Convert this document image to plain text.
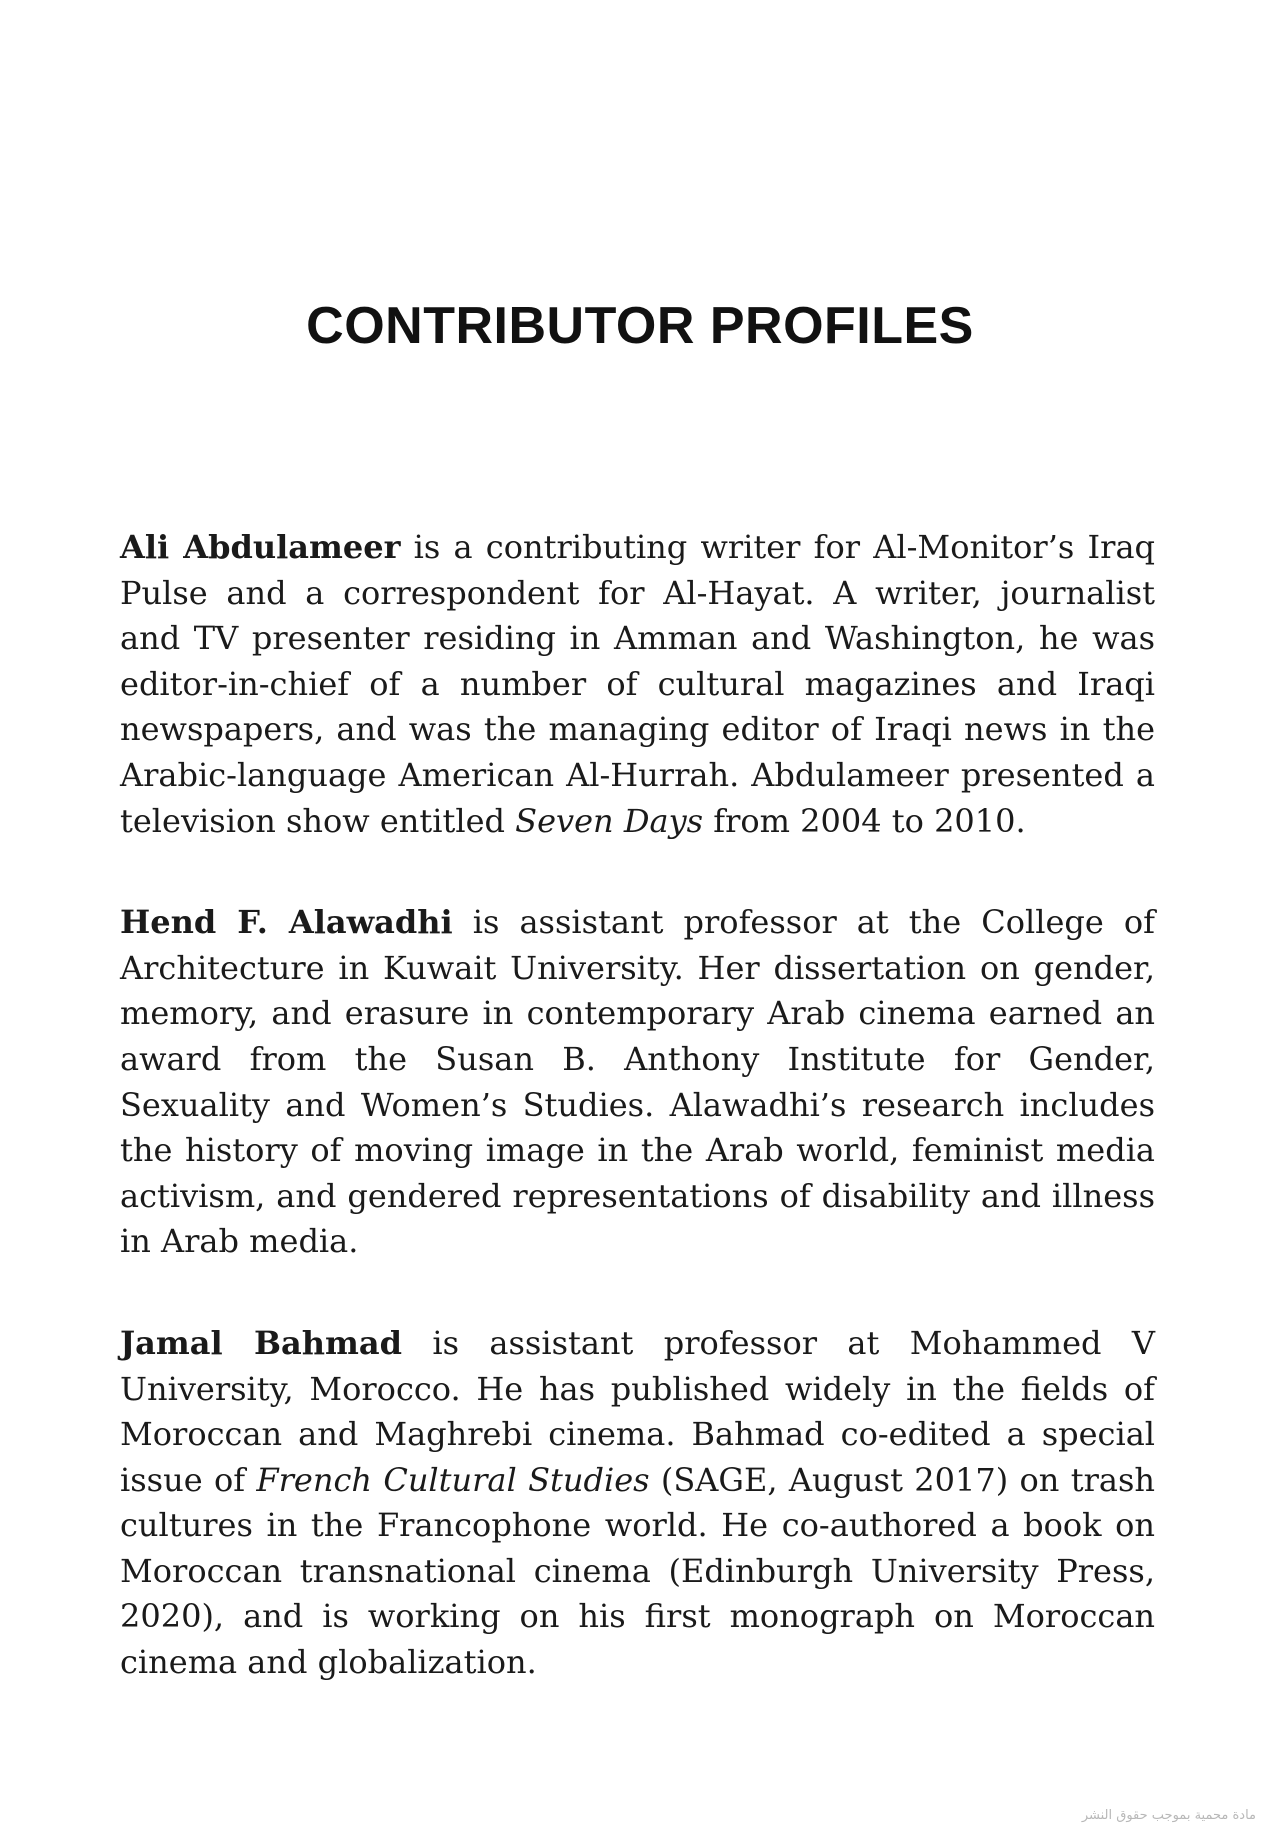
CONTRIBUTOR PROFILES

Ali Abdulameer is a contributing writer for Al-Monitor’s Iraq Pulse and a correspondent for Al-Hayat. A writer, journalist and TV presenter residing in Amman and Washington, he was editor-in-chief of a number of cultural magazines and Iraqi newspapers, and was the managing editor of Iraqi news in the Arabic-language American Al-Hurrah. Abdulameer presented a television show entitled Seven Days from 2004 to 2010.

Hend F. Alawadhi is assistant professor at the College of Architecture in Kuwait University. Her dissertation on gender, memory, and erasure in contemporary Arab cinema earned an award from the Susan B. Anthony Institute for Gender, Sexuality and Women’s Studies. Alawadhi’s research includes the history of moving image in the Arab world, feminist media activism, and gendered representations of disability and illness in Arab media.

Jamal Bahmad is assistant professor at Mohammed V University, Morocco. He has published widely in the fields of Moroccan and Maghrebi cinema. Bahmad co-edited a special issue of French Cultural Studies (SAGE, August 2017) on trash cultures in the Francophone world. He co-authored a book on Moroccan transnational cinema (Edinburgh University Press, 2020), and is working on his first monograph on Moroccan cinema and globalization.

مادة محمية بموجب حقوق النشر
